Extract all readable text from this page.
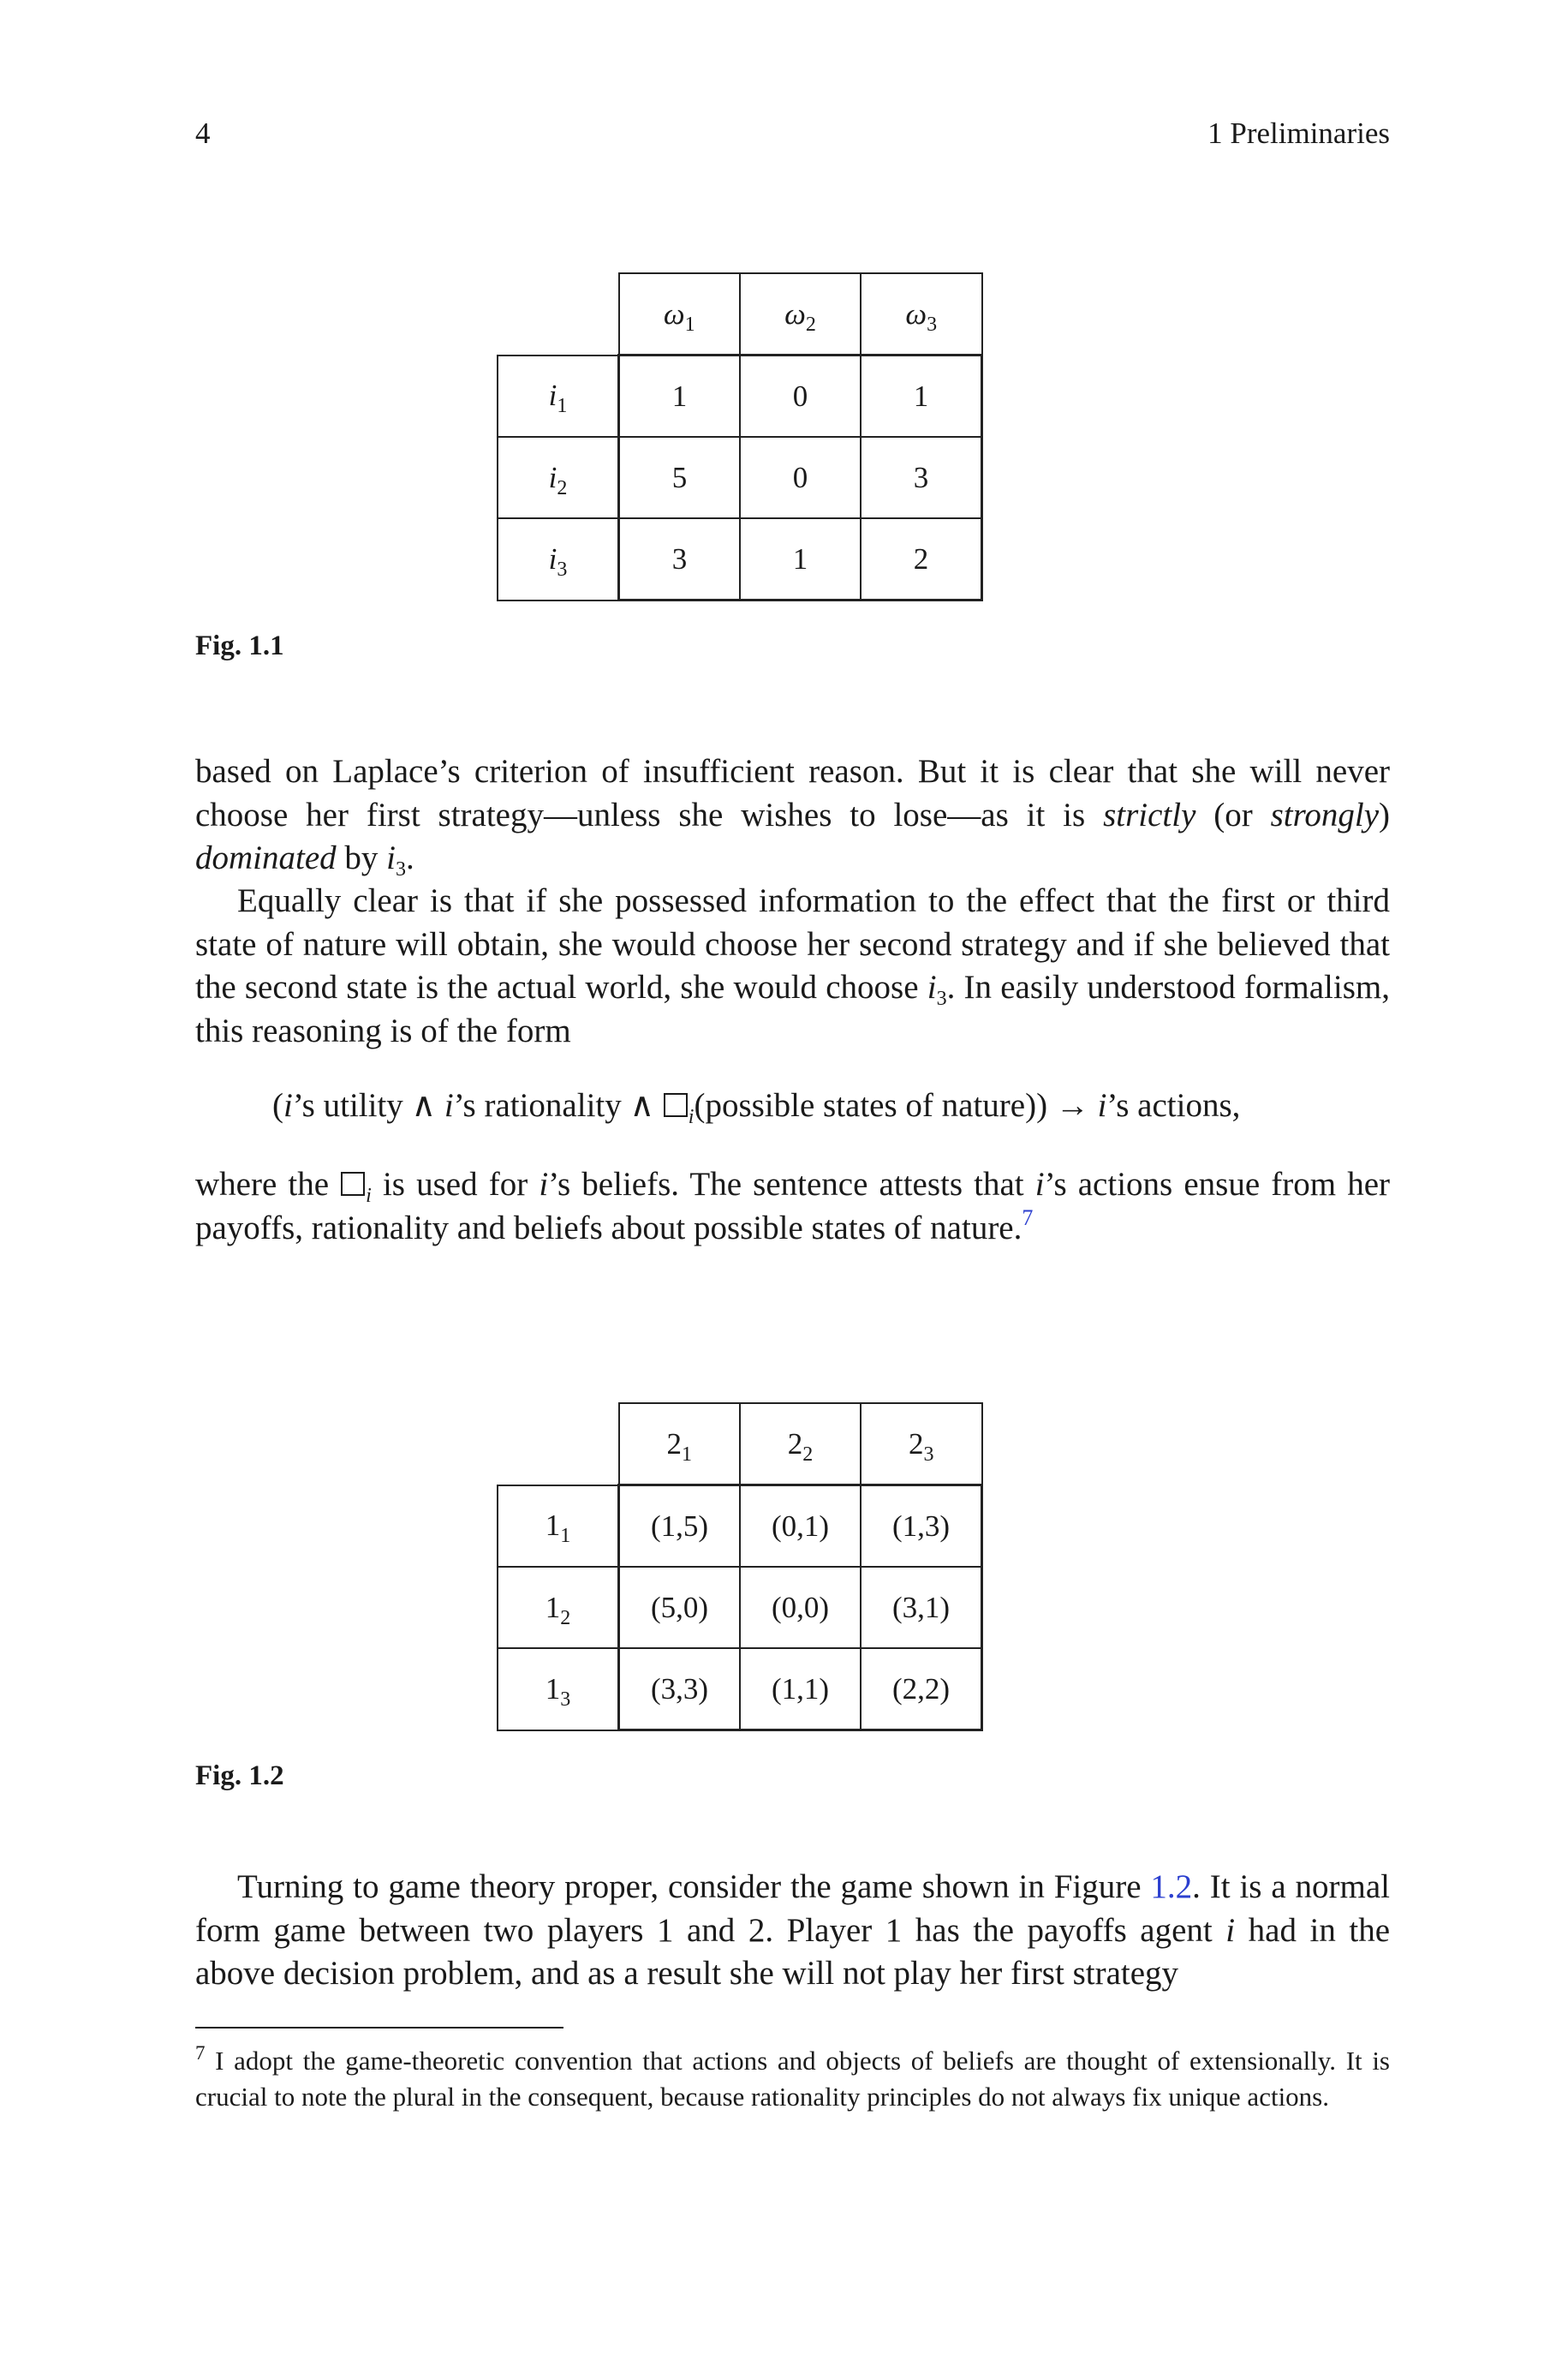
4	1 Preliminaries
	$\omega_1$	$\omega_2$	$\omega_3$
$i_1$	1	0	1
$i_2$	5	0	3
$i_3$	3	1	2
Fig. 1.1

based on Laplace’s criterion of insufficient reason. But it is clear that she will never choose her first strategy—unless she wishes to lose—as it is strictly (or strongly) dominated by $i_3$.

Equally clear is that if she possessed information to the effect that the first or third state of nature will obtain, she would choose her second strategy and if she believed that the second state is the actual world, she would choose $i_3$. In easily understood formalism, this reasoning is of the form

(i’s utility ∧ i’s rationality ∧ $_i$(possible states of nature)) → i’s actions,

where the $_i$ is used for i’s beliefs. The sentence attests that i’s actions ensue from her payoffs, rationality and beliefs about possible states of nature.$^7$

	$2_1$	$2_2$	$2_3$
$1_1$	(1,5)	(0,1)	(1,3)
$1_2$	(5,0)	(0,0)	(3,1)
$1_3$	(3,3)	(1,1)	(2,2)
Fig. 1.2

Turning to game theory proper, consider the game shown in Figure 1.2. It is a normal form game between two players 1 and 2. Player 1 has the payoffs agent i had in the above decision problem, and as a result she will not play her first strategy

$^7$ I adopt the game-theoretic convention that actions and objects of beliefs are thought of extensionally. It is crucial to note the plural in the consequent, because rationality principles do not always fix unique actions.
